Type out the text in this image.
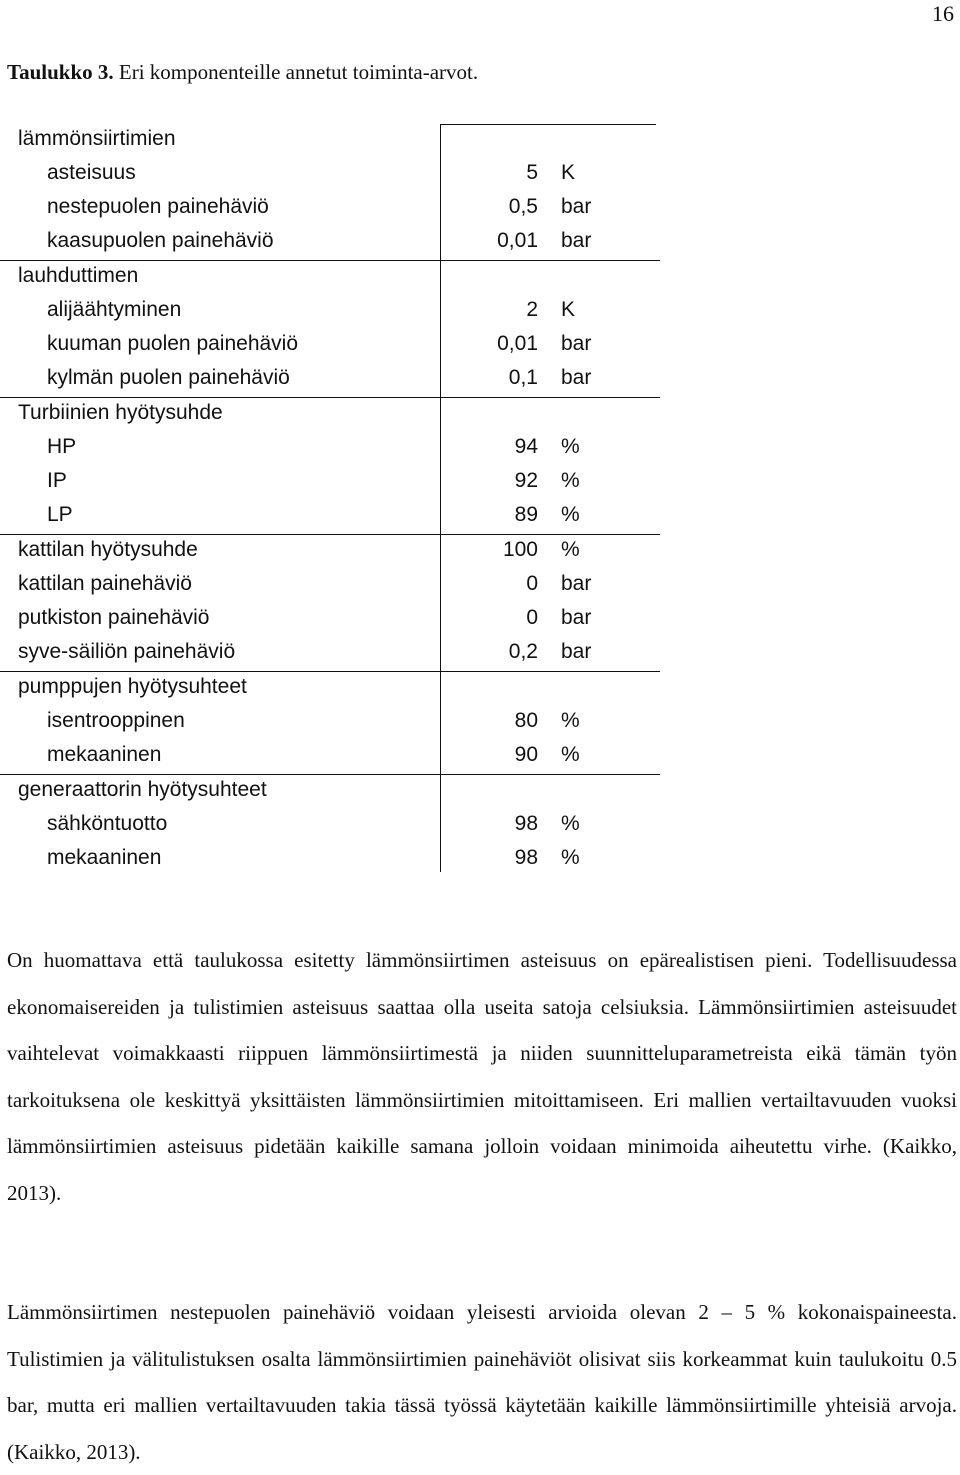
16
Taulukko 3. Eri komponenteille annetut toiminta-arvot.
lämmönsiirtimien
asteisuus	5 K
nestepuolen painehäviö	0,5 bar
kaasupuolen painehäviö	0,01 bar
lauhduttimen
alijäähtyminen	2 K
kuuman puolen painehäviö	0,01 bar
kylmän puolen painehäviö	0,1 bar
Turbiinien hyötysuhde
HP	94 %
IP	92 %
LP	89 %
kattilan hyötysuhde	100 %
kattilan painehäviö	0 bar
putkiston painehäviö	0 bar
syve-säiliön painehäviö	0,2 bar
pumppujen hyötysuhteet
isentrooppinen	80 %
mekaaninen	90 %
generaattorin hyötysuhteet
sähköntuotto	98 %
mekaaninen	98 %
On huomattava että taulukossa esitetty lämmönsiirtimen asteisuus on epärealistisen pieni. Todellisuudessa ekonomaisereiden ja tulistimien asteisuus saattaa olla useita satoja celsiuksia. Lämmönsiirtimien asteisuudet vaihtelevat voimakkaasti riippuen lämmönsiirtimestä ja niiden suunnitteluparametreista eikä tämän työn tarkoituksena ole keskittyä yksittäisten lämmönsiirtimien mitoittamiseen. Eri mallien vertailtavuuden vuoksi lämmönsiirtimien asteisuus pidetään kaikille samana jolloin voidaan minimoida aiheutettu virhe. (Kaikko, 2013).
Lämmönsiirtimen nestepuolen painehäviö voidaan yleisesti arvioida olevan 2 – 5 % kokonaispaineesta. Tulistimien ja välitulistuksen osalta lämmönsiirtimien painehäviöt olisivat siis korkeammat kuin taulukoitu 0.5 bar, mutta eri mallien vertailtavuuden takia tässä työssä käytetään kaikille lämmönsiirtimille yhteisiä arvoja. (Kaikko, 2013).
